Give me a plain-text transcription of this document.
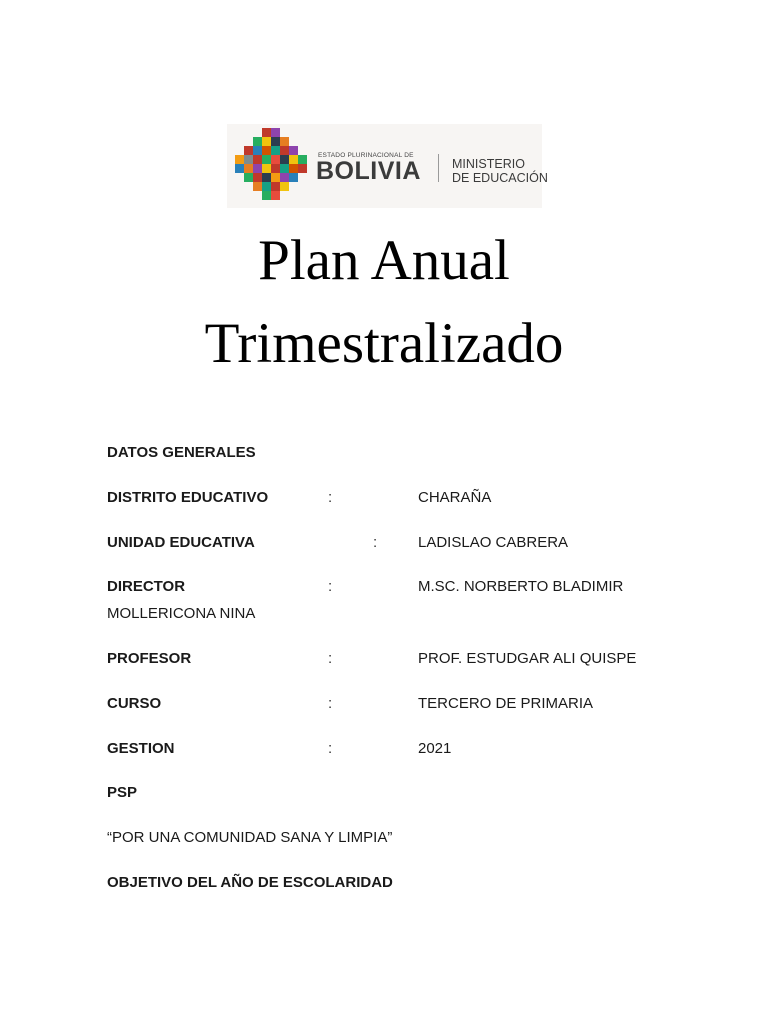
ESTADO PLURINACIONAL DE
BOLIVIA MINISTERIO
DE EDUCACIÓN
Plan Anual
Trimestralizado
DATOS GENERALES
DISTRITO EDUCATIVO	:	CHARAÑA
UNIDAD EDUCATIVA	:	LADISLAO CABRERA
DIRECTOR	:	M.SC. NORBERTO BLADIMIR
MOLLERICONA NINA
PROFESOR	:	PROF. ESTUDGAR ALI QUISPE
CURSO	:	TERCERO DE PRIMARIA
GESTION	:	2021
PSP
“POR UNA COMUNIDAD SANA Y LIMPIA”
OBJETIVO DEL AÑO DE ESCOLARIDAD
